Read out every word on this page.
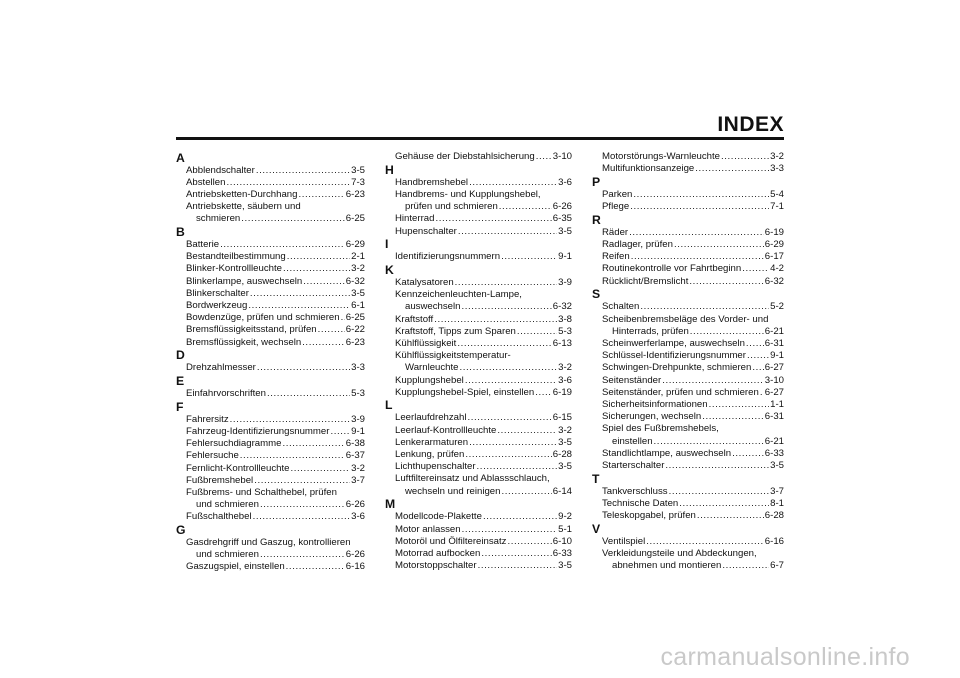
INDEX
A
Abblendschalter .....	3-5
Abstellen .....	7-3
Antriebsketten-Durchhang .....	6-23
Antriebskette, säubern und
schmieren .....	6-25
B
Batterie .....	6-29
Bestandteilbestimmung .....	2-1
Blinker-Kontrollleuchte .....	3-2
Blinkerlampe, auswechseln .....	6-32
Blinkerschalter .....	3-5
Bordwerkzeug .....	6-1
Bowdenzüge, prüfen und schmieren ..... 6-25
Bremsflüssigkeitsstand, prüfen .....	6-22
Bremsflüssigkeit, wechseln .....	6-23
D
Drehzahlmesser .....	3-3
E
Einfahrvorschriften .....	5-3
F
Fahrersitz .....	3-9
Fahrzeug-Identifizierungsnummer ..... 9-1
Fehlersuchdiagramme .....	6-38
Fehlersuche .....	6-37
Fernlicht-Kontrollleuchte .....	3-2
Fußbremshebel .....	3-7
Fußbrems- und Schalthebel, prüfen
und schmieren .....	6-26
Fußschalthebel .....	3-6
G
Gasdrehgriff und Gaszug, kontrollieren
und schmieren .....	6-26
Gaszugspiel, einstellen .....	6-16
Gehäuse der Diebstahlsicherung ..... 3-10
H
Handbremshebel .....	3-6
Handbrems- und Kupplungshebel,
prüfen und schmieren .....	6-26
Hinterrad .....	6-35
Hupenschalter .....	3-5
I
Identifizierungsnummern .....	9-1
K
Katalysatoren .....	3-9
Kennzeichenleuchten-Lampe,
auswechseln .....	6-32
Kraftstoff .....	3-8
Kraftstoff, Tipps zum Sparen .....	5-3
Kühlflüssigkeit .....	6-13
Kühlflüssigkeitstemperatur-
Warnleuchte .....	3-2
Kupplungshebel .....	3-6
Kupplungshebel-Spiel, einstellen ..... 6-19
L
Leerlaufdrehzahl .....	6-15
Leerlauf-Kontrollleuchte .....	3-2
Lenkerarmaturen .....	3-5
Lenkung, prüfen .....	6-28
Lichthupenschalter .....	3-5
Luftfiltereinsatz und Ablassschlauch,
wechseln und reinigen .....	6-14
M
Modellcode-Plakette .....	9-2
Motor anlassen .....	5-1
Motoröl und Ölfiltereinsatz .....	6-10
Motorrad aufbocken .....	6-33
Motorstoppschalter .....	3-5
Motorstörungs-Warnleuchte .....	3-2
Multifunktionsanzeige .....	3-3
P
Parken .....	5-4
Pflege .....	7-1
R
Räder .....	6-19
Radlager, prüfen .....	6-29
Reifen .....	6-17
Routinekontrolle vor Fahrtbeginn .....	4-2
Rücklicht/Bremslicht .....	6-32
S
Schalten .....	5-2
Scheibenbremsbeläge des Vorder- und
Hinterrads, prüfen .....	6-21
Scheinwerferlampe, auswechseln ..... 6-31
Schlüssel-Identifizierungsnummer .....	9-1
Schwingen-Drehpunkte, schmieren ..... 6-27
Seitenständer .....	3-10
Seitenständer, prüfen und schmieren ..... 6-27
Sicherheitsinformationen .....	1-1
Sicherungen, wechseln .....	6-31
Spiel des Fußbremshebels,
einstellen .....	6-21
Standlichtlampe, auswechseln .....	6-33
Starterschalter .....	3-5
T
Tankverschluss .....	3-7
Technische Daten .....	8-1
Teleskopgabel, prüfen .....	6-28
V
Ventilspiel .....	6-16
Verkleidungsteile und Abdeckungen,
abnehmen und montieren .....	6-7
carmanualsonline.info
